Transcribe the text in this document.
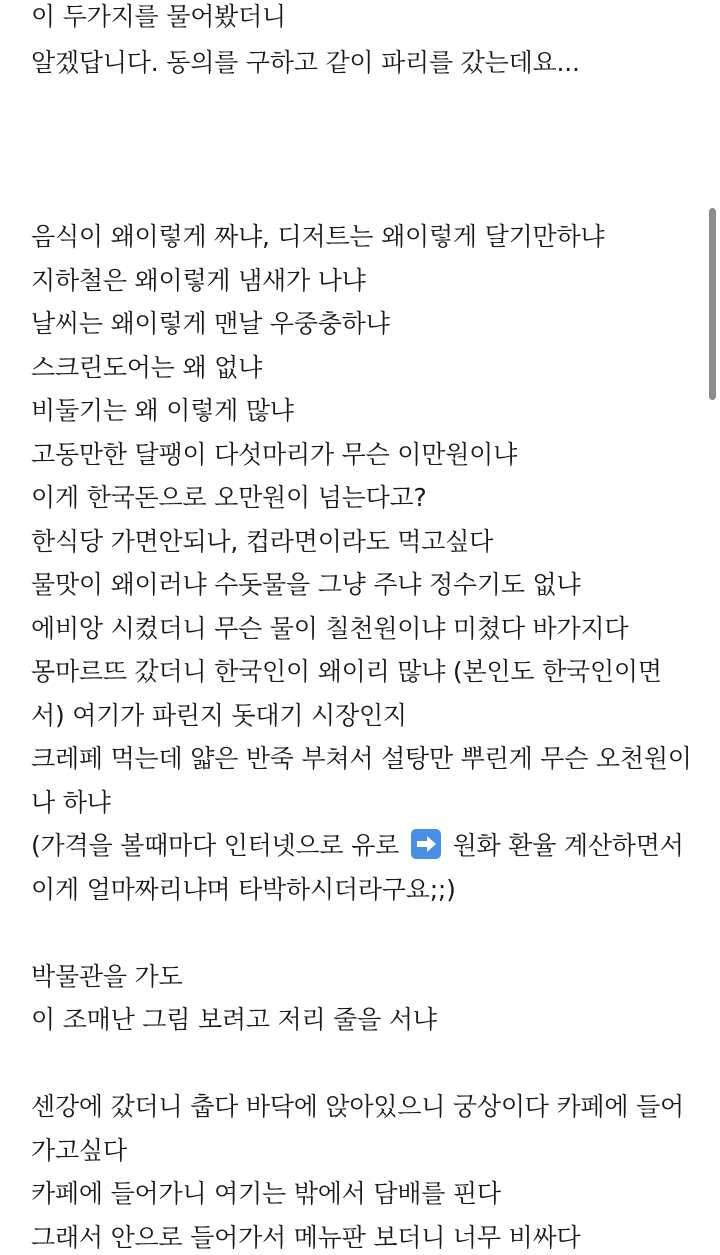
이 두가지를 물어봤더니
알겠답니다. 동의를 구하고 같이 파리를 갔는데요...
음식이 왜이렇게 짜냐, 디저트는 왜이렇게 달기만하냐
지하철은 왜이렇게 냄새가 나냐
날씨는 왜이렇게 맨날 우중충하냐
스크린도어는 왜 없냐
비둘기는 왜 이렇게 많냐
고동만한 달팽이 다섯마리가 무슨 이만원이냐
이게 한국돈으로 오만원이 넘는다고?
한식당 가면안되나, 컵라면이라도 먹고싶다
물맛이 왜이러냐 수돗물을 그냥 주냐 정수기도 없냐
에비앙 시켰더니 무슨 물이 칠천원이냐 미쳤다 바가지다
몽마르뜨 갔더니 한국인이 왜이리 많냐 (본인도 한국인이면
서) 여기가 파린지 돗대기 시장인지
크레페 먹는데 얇은 반죽 부쳐서 설탕만 뿌린게 무슨 오천원이
나 하냐
(가격을 볼때마다 인터넷으로 유로 원화 환율 계산하면서
이게 얼마짜리냐며 타박하시더라구요;;)
박물관을 가도
이 조매난 그림 보려고 저리 줄을 서냐
센강에 갔더니 춥다 바닥에 앉아있으니 궁상이다 카페에 들어
가고싶다
카페에 들어가니 여기는 밖에서 담배를 핀다
그래서 안으로 들어가서 메뉴판 보더니 너무 비싸다
